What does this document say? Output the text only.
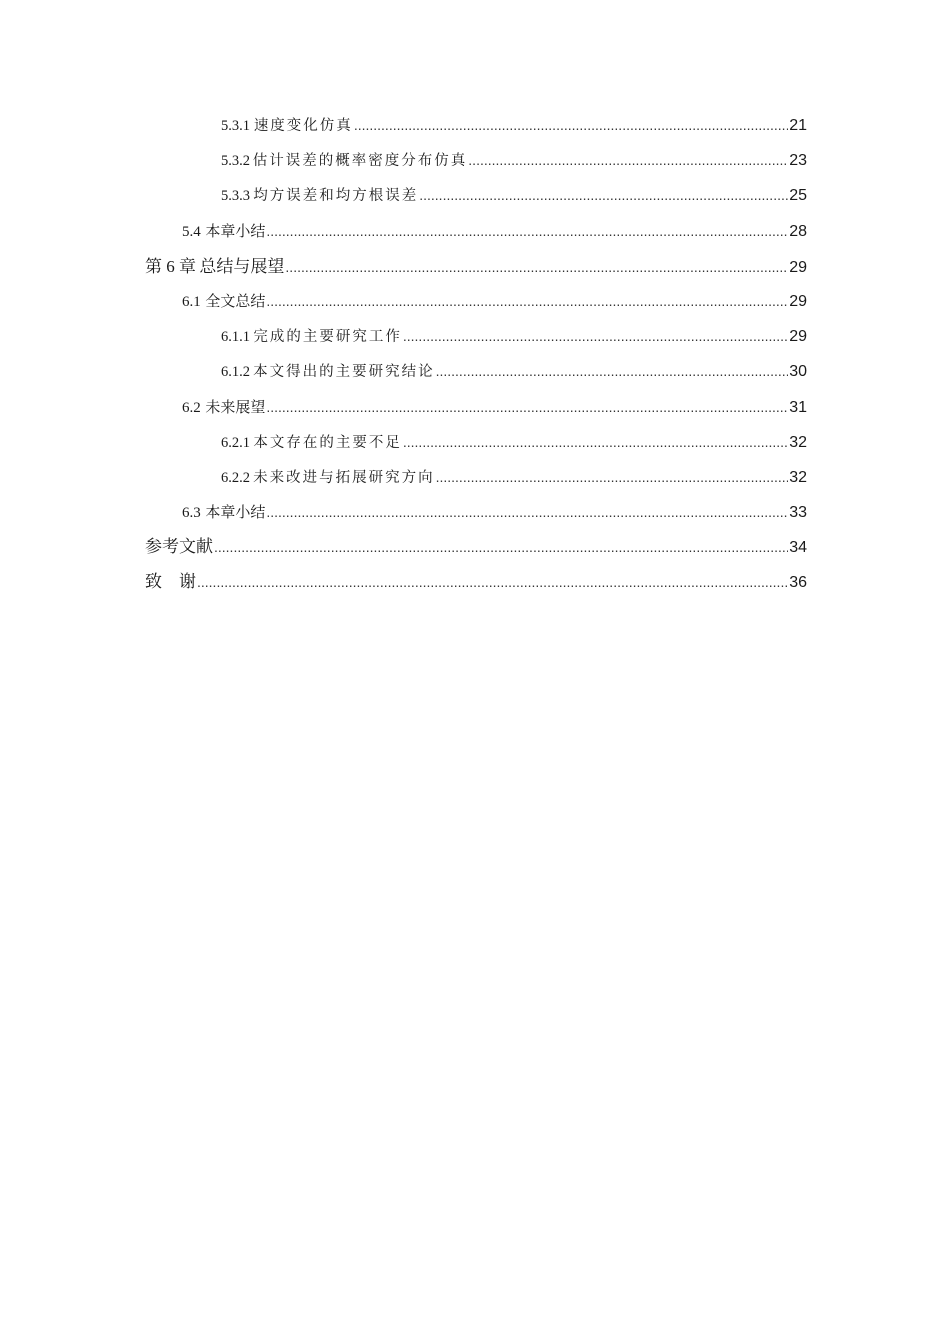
5.3.1 速度变化仿真 .....	21
5.3.2 估计误差的概率密度分布仿真 .....	23
5.3.3 均方误差和均方根误差 .....	25
5.4 本章小结 .....	28
第 6 章 总结与展望 .....	29
6.1 全文总结 .....	29
6.1.1 完成的主要研究工作 .....	29
6.1.2 本文得出的主要研究结论 .....	30
6.2 未来展望 .....	31
6.2.1 本文存在的主要不足 .....	32
6.2.2 未来改进与拓展研究方向 .....	32
6.3 本章小结 .....	33
参考文献 .....	34
致　谢 .....	36
